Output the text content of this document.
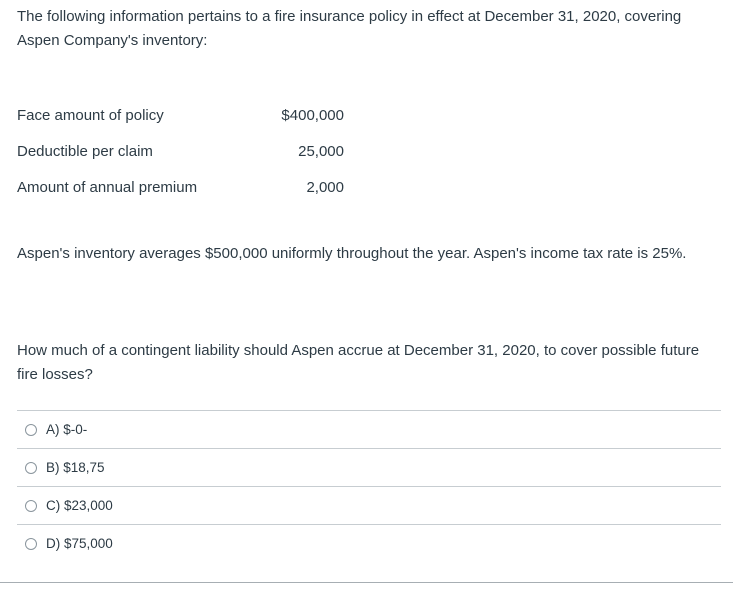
The following information pertains to a fire insurance policy in effect at December 31, 2020, covering Aspen Company's inventory:

Face amount of policy	$400,000
Deductible per claim	25,000
Amount of annual premium	2,000

Aspen's inventory averages $500,000 uniformly throughout the year. Aspen's income tax rate is 25%.

How much of a contingent liability should Aspen accrue at December 31, 2020, to cover possible future fire losses?

A) $-0-
B) $18,75
C) $23,000
D) $75,000
